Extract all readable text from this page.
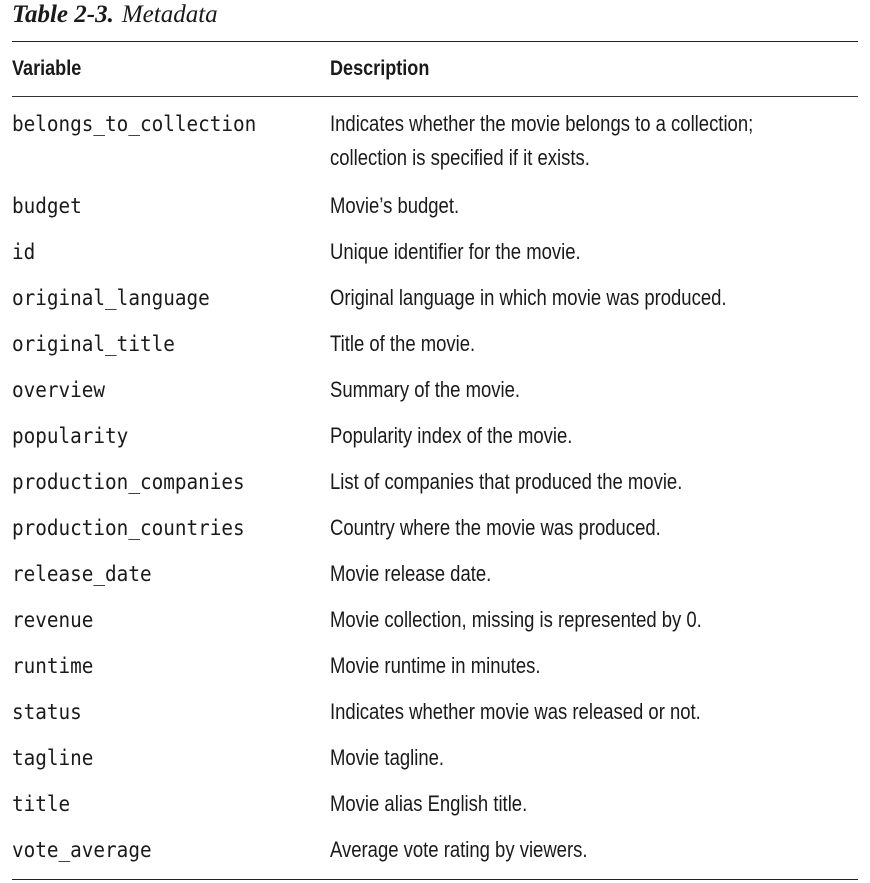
Table 2-3. Metadata
Variable	Description
belongs_to_collection	Indicates whether the movie belongs to a collection;
collection is specified if it exists.
budget	Movie’s budget.
id	Unique identifier for the movie.
original_language	Original language in which movie was produced.
original_title	Title of the movie.
overview	Summary of the movie.
popularity	Popularity index of the movie.
production_companies	List of companies that produced the movie.
production_countries	Country where the movie was produced.
release_date	Movie release date.
revenue	Movie collection, missing is represented by 0.
runtime	Movie runtime in minutes.
status	Indicates whether movie was released or not.
tagline	Movie tagline.
title	Movie alias English title.
vote_average	Average vote rating by viewers.
